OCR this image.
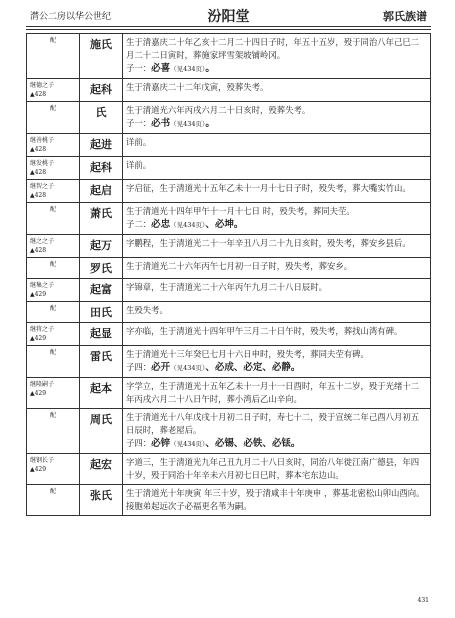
潸公二房以华公世纪	汾阳堂	郭氏族谱
配	施氏	生于清嘉庆二十年乙亥十二月二十四日子时，年五十五岁，殁于同治八年己巳二月二十二日寅时，葬施家坪雪架坡铺岭冈。
子一：必喜（见434页）。

继德之子
▲428	起科	生于清嘉庆二十二年戊寅，殁葬失考。

配	氏	生于清道光六年丙戌六月二十日亥时，殁葬失考。
子一：必书（见434页）。

继善桃子
▲428	起进	详前。

继发桃子
▲428	起科	详前。

继智之子
▲428	起启	字启征，生于清道光十五年乙未十一月十七日子时，殁失考，葬大嘴实竹山。

配	萧氏	生于清道光十四年甲午十一月十七日 时，殁失考，葬同夫茔。
子二：必忠（见434页）、必坤。

继之之子
▲428	起万	字鹏程，生于清道光二十一年辛丑八月二十九日亥时，殁失考，葬安乡县后。

配	罗氏	生于清道光二十六年丙午七月初一日子时，殁失考，葬安乡。

继集之子
▲429	起富	字锦章，生于清道光二十六年丙午九月二十八日辰时。

配	田氏	生殁失考。

继将之子
▲429	起显	字亦临，生于清道光十四年甲午三月二十日午时，殁失考，葬找山湾有碑。

配	雷氏	生于清道光十三年癸巳七月十六日申时，殁失考，葬同夫茔有碑。
子四：必开（见434页）、必成、必定、必静。

继隆嗣子
▲429	起本	字学立，生于清道光十五年乙未十一月十一日酉时，年五十二岁，殁于光绪十二年丙戌六月二十八日午时，葬小湾后乙山辛向。

配	周氏	生于清道光十八年戊戌十月初二日子时，寿七十二，殁于宣统二年己酉八月初五日辰时，葬老屋后。
子四：必锌（见434页）、必锡、必铁、必铥。

继钢长子
▲429	起宏	字道三，生于清道光九年己丑九月二十八日亥时，同治八年徙江南广德县，年四十岁，殁于同治十年辛未六月初七日巳时，葬本宅东边山。

配	张氏	生于清道光十年庚寅 年三十岁，殁于清咸丰十年庚申 ，葬基北密松山卯山酉向。
接胞弟起远次子必福更名苇为嗣。
431
